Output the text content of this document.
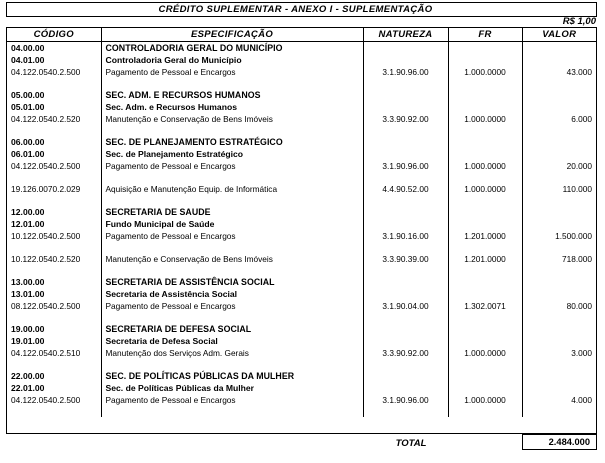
CRÉDITO SUPLEMENTAR - ANEXO I - SUPLEMENTAÇÃO
R$ 1,00
CÓDIGO	ESPECIFICAÇÃO	NATUREZA	FR	VALOR
04.00.00	CONTROLADORIA GERAL DO MUNICÍPIO			
04.01.00	Controladoria Geral do Município			
04.122.0540.2.500	Pagamento de Pessoal e Encargos	3.1.90.96.00	1.000.0000	43.000

05.00.00	SEC. ADM. E RECURSOS HUMANOS			
05.01.00	Sec. Adm. e Recursos Humanos			
04.122.0540.2.520	Manutenção e Conservação de Bens Imóveis	3.3.90.92.00	1.000.0000	6.000

06.00.00	SEC. DE PLANEJAMENTO ESTRATÉGICO			
06.01.00	Sec. de Planejamento Estratégico			
04.122.0540.2.500	Pagamento de Pessoal e Encargos	3.1.90.96.00	1.000.0000	20.000

19.126.0070.2.029	Aquisição e Manutenção Equip. de Informática	4.4.90.52.00	1.000.0000	110.000

12.00.00	SECRETARIA DE SAUDE			
12.01.00	Fundo Municipal de Saúde			
10.122.0540.2.500	Pagamento de Pessoal e Encargos	3.1.90.16.00	1.201.0000	1.500.000

10.122.0540.2.520	Manutenção e Conservação de Bens Imóveis	3.3.90.39.00	1.201.0000	718.000

13.00.00	SECRETARIA DE ASSISTÊNCIA SOCIAL			
13.01.00	Secretaria de Assistência Social			
08.122.0540.2.500	Pagamento de Pessoal e Encargos	3.1.90.04.00	1.302.0071	80.000

19.00.00	SECRETARIA DE DEFESA SOCIAL			
19.01.00	Secretaria de Defesa Social			
04.122.0540.2.510	Manutenção dos Serviços Adm. Gerais	3.3.90.92.00	1.000.0000	3.000

22.00.00	SEC. DE POLÍTICAS PÚBLICAS DA MULHER			
22.01.00	Sec. de Políticas Públicas da Mulher			
04.122.0540.2.500	Pagamento de Pessoal e Encargos	3.1.90.96.00	1.000.0000	4.000

TOTAL	2.484.000
